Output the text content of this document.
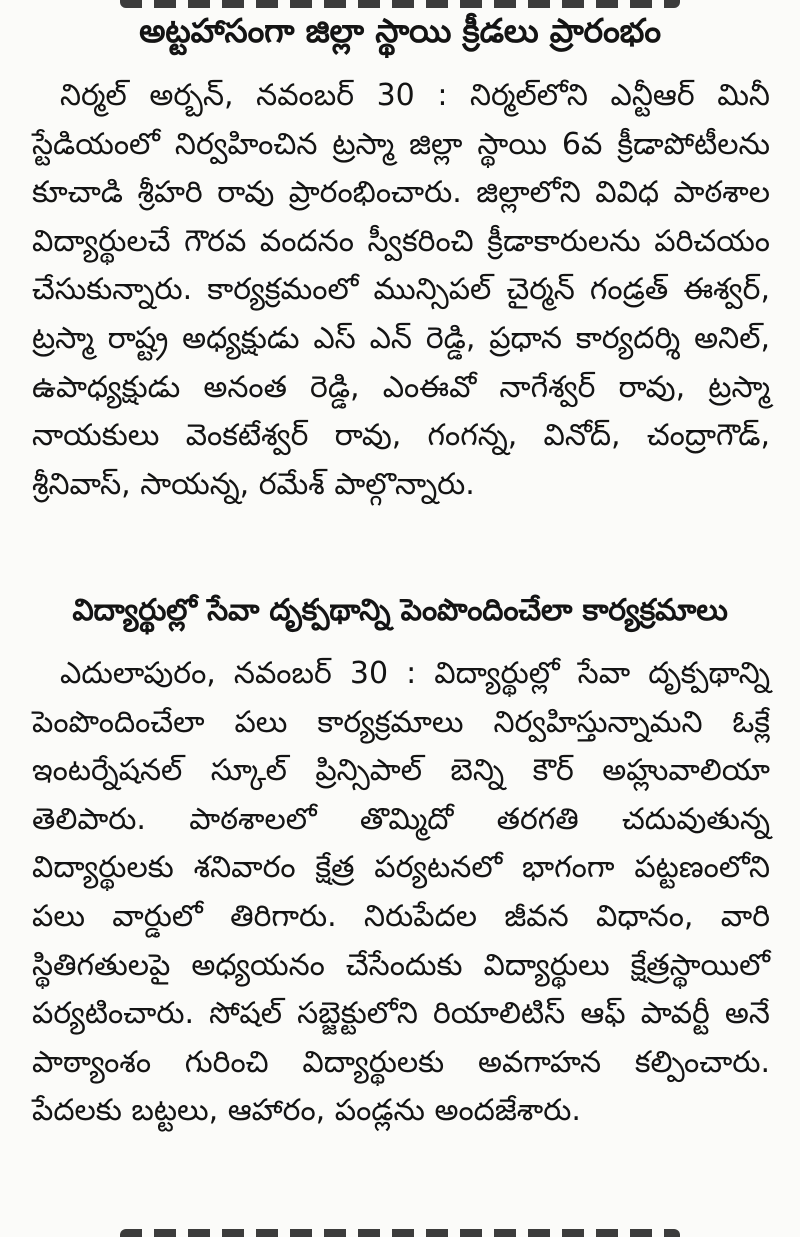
అట్టహాసంగా జిల్లా స్థాయి క్రీడలు ప్రారంభం
నిర్మల్ అర్బన్, నవంబర్ 30 : నిర్మల్‌లోని ఎన్టీఆర్ మినీ స్టేడియంలో నిర్వహించిన ట్రస్మా జిల్లా స్థాయి 6వ క్రీడాపోటీలను కూచాడి శ్రీహరి రావు ప్రారంభించారు. జిల్లాలోని వివిధ పాఠశాల విద్యార్థులచే గౌరవ వందనం స్వీకరించి క్రీడాకారులను పరిచయం చేసుకున్నారు. కార్యక్రమంలో మున్సిపల్ చైర్మన్ గండ్రత్ ఈశ్వర్, ట్రస్మా రాష్ట్ర అధ్యక్షుడు ఎస్ ఎన్ రెడ్డి, ప్రధాన కార్యదర్శి అనిల్, ఉపాధ్యక్షుడు అనంత రెడ్డి, ఎంఈవో నాగేశ్వర్ రావు, ట్రస్మా నాయకులు వెంకటేశ్వర్ రావు, గంగన్న, వినోద్, చంద్రాగౌడ్, శ్రీనివాస్, సాయన్న, రమేశ్ పాల్గొన్నారు.
విద్యార్థుల్లో సేవా దృక్పథాన్ని పెంపొందించేలా కార్యక్రమాలు
ఎదులాపురం, నవంబర్ 30 : విద్యార్థుల్లో సేవా దృక్పథాన్ని పెంపొందించేలా పలు కార్యక్రమాలు నిర్వహిస్తున్నామని ఓక్లే ఇంటర్నేషనల్ స్కూల్ ప్రిన్సిపాల్ బెన్ని కౌర్ అహ్లువాలియా తెలిపారు. పాఠశాలలో తొమ్మిదో తరగతి చదువుతున్న విద్యార్థులకు శనివారం క్షేత్ర పర్యటనలో భాగంగా పట్టణంలోని పలు వార్డులో తిరిగారు. నిరుపేదల జీవన విధానం, వారి స్థితిగతులపై అధ్యయనం చేసేందుకు విద్యార్థులు క్షేత్రస్థాయిలో పర్యటించారు. సోషల్ సబ్జెక్టులోని రియాలిటిస్ ఆఫ్ పావర్టీ అనే పాఠ్యాంశం గురించి విద్యార్థులకు అవగాహన కల్పించారు. పేదలకు బట్టలు, ఆహారం, పండ్లను అందజేశారు.
